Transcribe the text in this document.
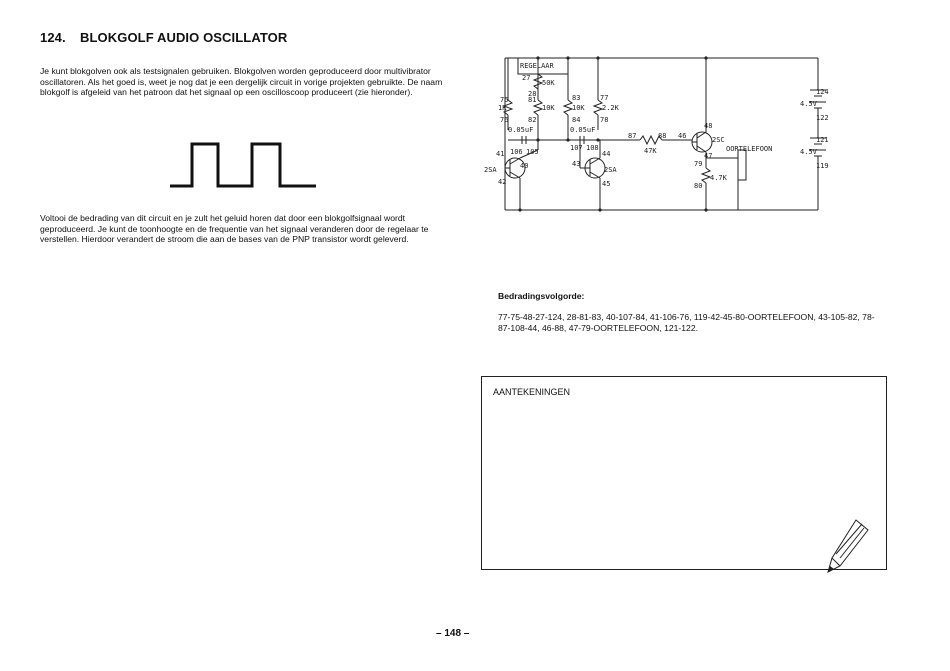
124. BLOKGOLF AUDIO OSCILLATOR

Je kunt blokgolven ook als testsignalen gebruiken. Blokgolven worden geproduceerd door multivibrator oscillatoren. Als het goed is, weet je nog dat je een dergelijk circuit in vorige projekten gebruikte. De naam blokgolf is afgeleid van het patroon dat het signaal op een oscilloscoop produceert (zie hieronder).

Voltooi de bedrading van dit circuit en je zult het geluid horen dat door een blokgolfsignaal wordt geproduceerd. Je kunt de toonhoogte en de frequentie van het signaal veranderen door de regelaar te verstellen. Hierdoor verandert de stroom die aan de bases van de PNP transistor wordt geleverd.

REGELAAR
50K
1K	10K 10K 2.2K
0.05uF	0.05uF
47K
4.7K
2SA	2SA
2SC
OORTELEFOON
4.5V
4.5V
27
28
75	81
76	82
83	77
84	78
41 106 105
40
42
107 108
44
43
45
87	88 46
48
47
79
80
124
122
121
119
Bedradingsvolgorde:

77-75-48-27-124, 28-81-83, 40-107-84, 41-106-76, 119-42-45-80-OORTELEFOON, 43-105-82, 78-87-108-44, 46-88, 47-79-OORTELEFOON, 121-122.

AANTEKENINGEN
– 148 –
